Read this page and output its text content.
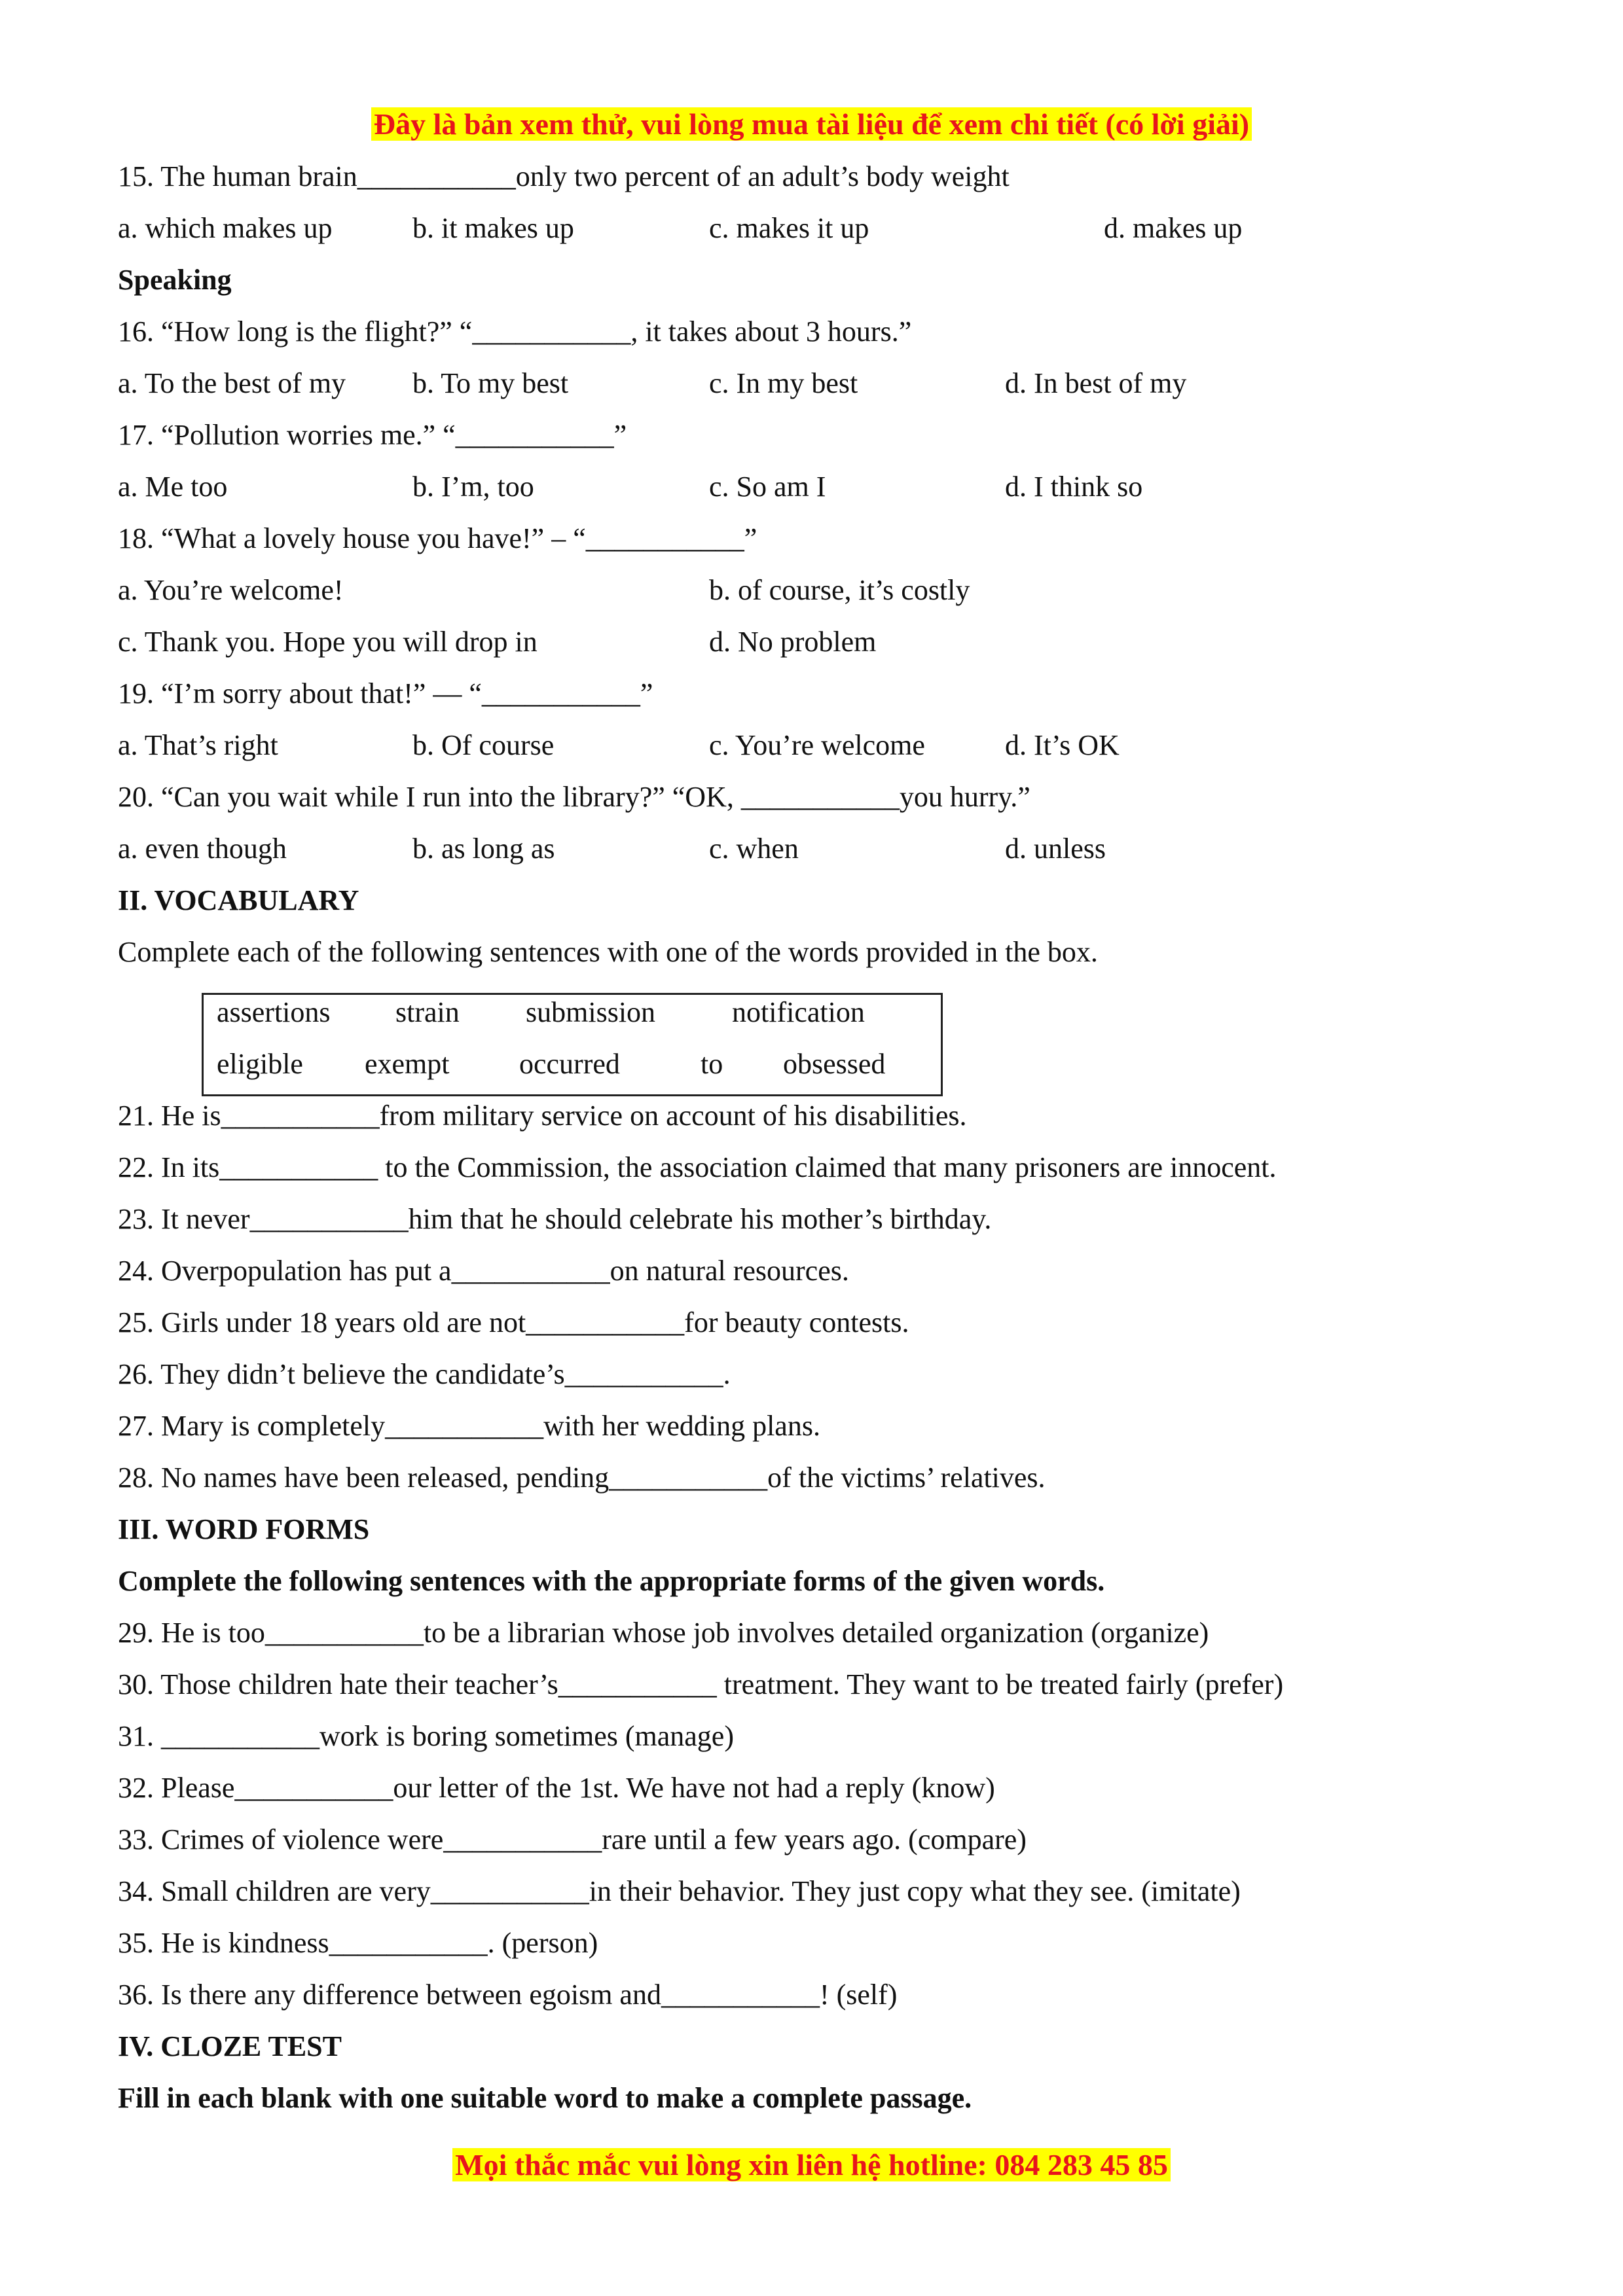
Đây là bản xem thử, vui lòng mua tài liệu để xem chi tiết (có lời giải)
15. The human brain___________only two percent of an adult’s body weight
a. which makes up	b. it makes up	c. makes it up	d. makes up
Speaking
16. “How long is the flight?” “___________, it takes about 3 hours.”
a. To the best of my b. To my best	c. In my best	d. In best of my
17. “Pollution worries me.” “___________”
a. Me too	b. I’m, too	c. So am I	d. I think so
18. “What a lovely house you have!” – “___________”
a. You’re welcome!	b. of course, it’s costly
c. Thank you. Hope you will drop in	d. No problem
19. “I’m sorry about that!” — “___________”
a. That’s right	b. Of course	c. You’re welcome	d. It’s OK
20. “Can you wait while I run into the library?” “OK, ___________you hurry.”
a. even though	b. as long as	c. when	d. unless
II. VOCABULARY
Complete each of the following sentences with one of the words provided in the box.
assertions strain submission	notification
eligible exempt occurred	to obsessed
21. He is___________from military service on account of his disabilities.
22. In its___________ to the Commission, the association claimed that many prisoners are innocent.
23. It never___________him that he should celebrate his mother’s birthday.
24. Overpopulation has put a___________on natural resources.
25. Girls under 18 years old are not___________for beauty contests.
26. They didn’t believe the candidate’s___________.
27. Mary is completely___________with her wedding plans.
28. No names have been released, pending___________of the victims’ relatives.
III. WORD FORMS
Complete the following sentences with the appropriate forms of the given words.
29. He is too___________to be a librarian whose job involves detailed organization (organize)
30. Those children hate their teacher’s___________ treatment. They want to be treated fairly (prefer)
31. ___________work is boring sometimes (manage)
32. Please___________our letter of the 1st. We have not had a reply (know)
33. Crimes of violence were___________rare until a few years ago. (compare)
34. Small children are very___________in their behavior. They just copy what they see. (imitate)
35. He is kindness___________. (person)
36. Is there any difference between egoism and___________! (self)
IV. CLOZE TEST
Fill in each blank with one suitable word to make a complete passage.
Mọi thắc mắc vui lòng xin liên hệ hotline: 084 283 45 85
